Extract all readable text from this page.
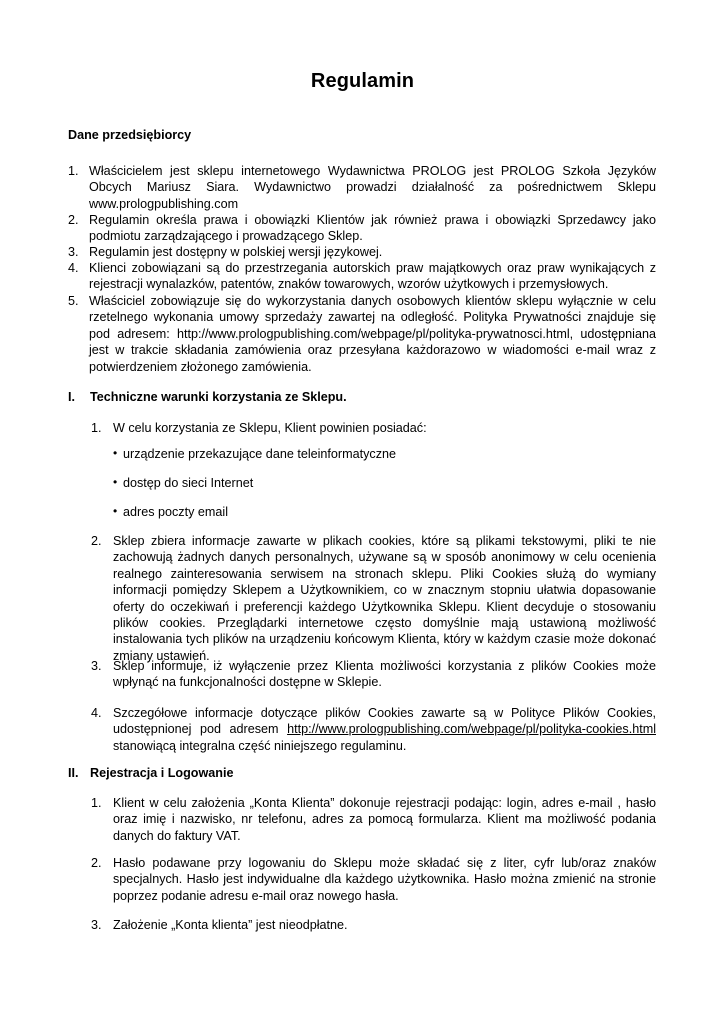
Regulamin
Dane przedsiębiorcy
1. Właścicielem jest sklepu internetowego Wydawnictwa PROLOG jest PROLOG Szkoła Języków Obcych Mariusz Siara. Wydawnictwo prowadzi działalność za pośrednictwem Sklepu www.prologpublishing.com
2. Regulamin określa prawa i obowiązki Klientów jak również prawa i obowiązki Sprzedawcy jako podmiotu zarządzającego i prowadzącego Sklep.
3. Regulamin jest dostępny w polskiej wersji językowej.
4. Klienci zobowiązani są do przestrzegania autorskich praw majątkowych oraz praw wynikających z rejestracji wynalazków, patentów, znaków towarowych, wzorów użytkowych i przemysłowych.
5. Właściciel zobowiązuje się do wykorzystania danych osobowych klientów sklepu wyłącznie w celu rzetelnego wykonania umowy sprzedaży zawartej na odległość. Polityka Prywatności znajduje się pod adresem: http://www.prologpublishing.com/webpage/pl/polityka-prywatnosci.html, udostępniana jest w trakcie składania zamówienia oraz przesyłana każdorazowo w wiadomości e-mail wraz z potwierdzeniem złożonego zamówienia.
I. Techniczne warunki korzystania ze Sklepu.
1. W celu korzystania ze Sklepu, Klient powinien posiadać:
• urządzenie przekazujące dane teleinformatyczne
• dostęp do sieci Internet
• adres poczty email
2. Sklep zbiera informacje zawarte w plikach cookies, które są plikami tekstowymi, pliki te nie zachowują żadnych danych personalnych, używane są w sposób anonimowy w celu ocenienia realnego zainteresowania serwisem na stronach sklepu. Pliki Cookies służą do wymiany informacji pomiędzy Sklepem a Użytkownikiem, co w znacznym stopniu ułatwia dopasowanie oferty do oczekiwań i preferencji każdego Użytkownika Sklepu. Klient decyduje o stosowaniu plików cookies. Przeglądarki internetowe często domyślnie mają ustawioną możliwość instalowania tych plików na urządzeniu końcowym Klienta, który w każdym czasie może dokonać zmiany ustawień.
3. Sklep informuje, iż wyłączenie przez Klienta możliwości korzystania z plików Cookies może wpłynąć na funkcjonalności dostępne w Sklepie.
4. Szczegółowe informacje dotyczące plików Cookies zawarte są w Polityce Plików Cookies, udostępnionej pod adresem http://www.prologpublishing.com/webpage/pl/polityka-cookies.html stanowiącą integralna część niniejszego regulaminu.
II. Rejestracja i Logowanie
1. Klient w celu założenia „Konta Klienta” dokonuje rejestracji podając: login, adres e-mail , hasło oraz imię i nazwisko, nr telefonu, adres za pomocą formularza. Klient ma możliwość podania danych do faktury VAT.
2. Hasło podawane przy logowaniu do Sklepu może składać się z liter, cyfr lub/oraz znaków specjalnych. Hasło jest indywidualne dla każdego użytkownika. Hasło można zmienić na stronie poprzez podanie adresu e-mail oraz nowego hasła.
3. Założenie „Konta klienta” jest nieodpłatne.
